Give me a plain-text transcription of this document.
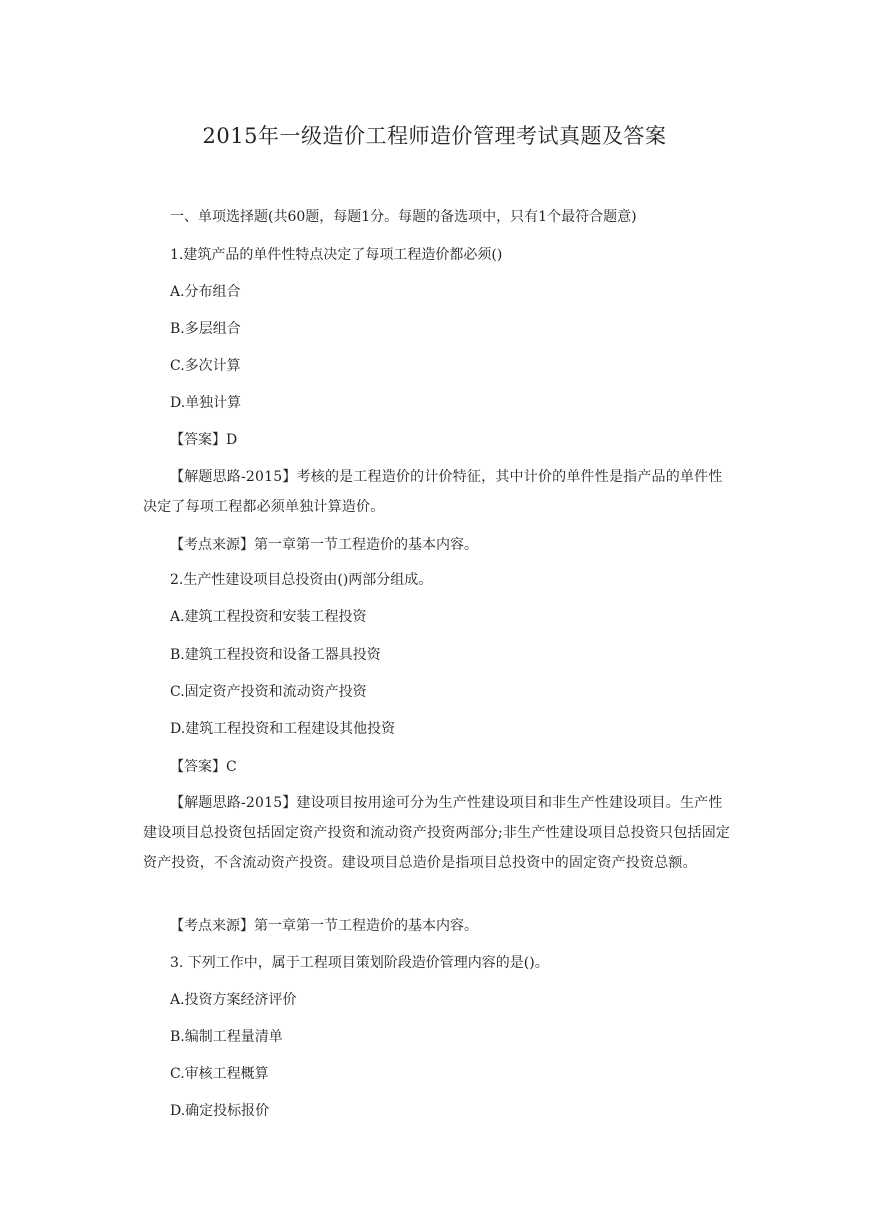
2015年一级造价工程师造价管理考试真题及答案
一、单项选择题(共60题，每题1分。每题的备选项中，只有1个最符合题意)
1.建筑产品的单件性特点决定了每项工程造价都必须()
A.分布组合
B.多层组合
C.多次计算
D.单独计算
【答案】D
【解题思路-2015】考核的是工程造价的计价特征，其中计价的单件性是指产品的单件性决定了每项工程都必须单独计算造价。
【考点来源】第一章第一节工程造价的基本内容。
2.生产性建设项目总投资由()两部分组成。
A.建筑工程投资和安装工程投资
B.建筑工程投资和设备工器具投资
C.固定资产投资和流动资产投资
D.建筑工程投资和工程建设其他投资
【答案】C
【解题思路-2015】建设项目按用途可分为生产性建设项目和非生产性建设项目。生产性建设项目总投资包括固定资产投资和流动资产投资两部分;非生产性建设项目总投资只包括固定资产投资，不含流动资产投资。建设项目总造价是指项目总投资中的固定资产投资总额。
【考点来源】第一章第一节工程造价的基本内容。
3. 下列工作中，属于工程项目策划阶段造价管理内容的是()。
A.投资方案经济评价
B.编制工程量清单
C.审核工程概算
D.确定投标报价
